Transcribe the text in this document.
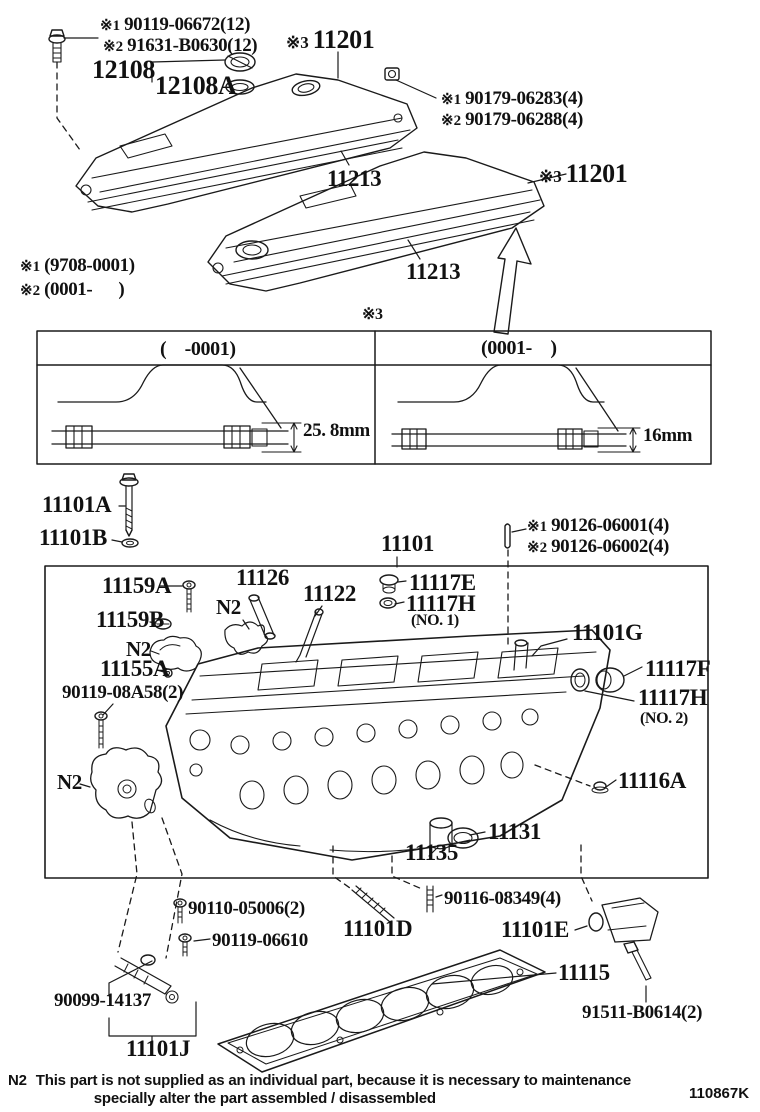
※1 90119-06672(12)
※2 91631-B0630(12) ※3 11201
12108
12108A	※1 90179-06283(4)
※2 90179-06288(4)
11213	※3 11201
11213
※1 (9708-0001)
※2 (0001-      )
※3
(    -0001)	(0001-    )
25. 8mm	16mm
11101A
11101B	11101
※1 90126-06001(4)
※2 90126-06002(4)
11159A	11126
11122
N2
11159B
N2
11155A
90119-08A58(2)
N2
11117E
11117H
(NO. 1)	11101G
11117F
11117H
(NO. 2)
11116A
11131
11135
90110-05006(2)
90119-06610 11101D
90116-08349(4)
11101E
11115
91511-B0614(2)
90099-14137
11101J
N2 This part is not supplied as an individual part, because it is necessary to maintenance
specially alter the part assembled / disassembled	110867K
